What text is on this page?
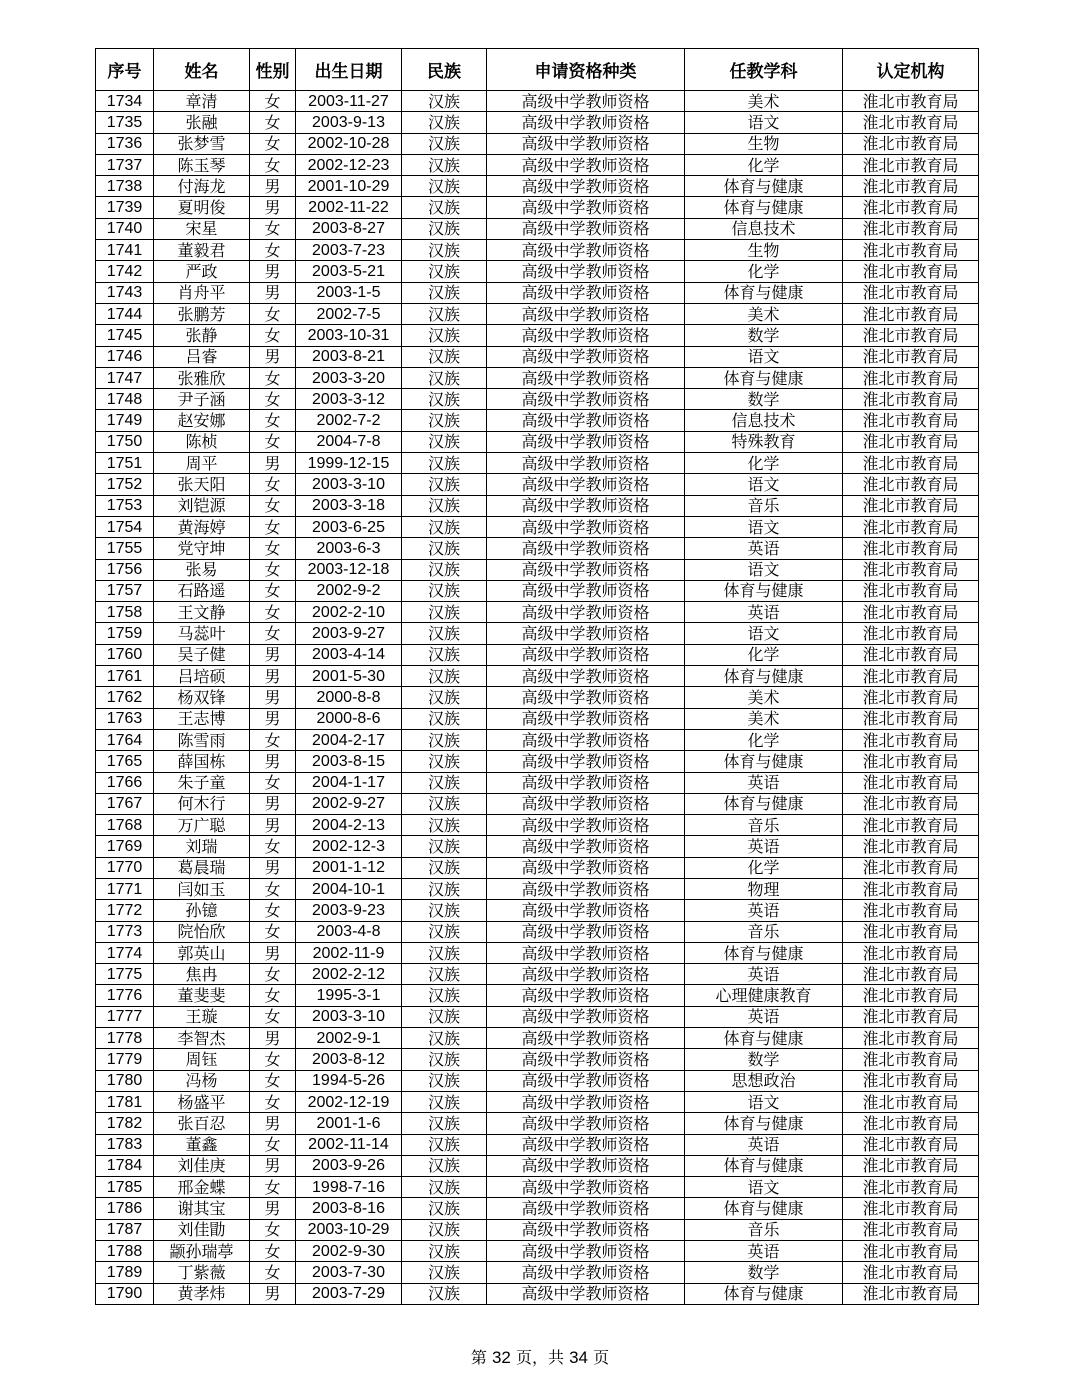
序号	姓名	性别	出生日期	民族	申请资格种类	任教学科	认定机构
1734	章清	女	2003-11-27	汉族	高级中学教师资格	美术	淮北市教育局
1735	张融	女	2003-9-13	汉族	高级中学教师资格	语文	淮北市教育局
1736	张梦雪	女	2002-10-28	汉族	高级中学教师资格	生物	淮北市教育局
1737	陈玉琴	女	2002-12-23	汉族	高级中学教师资格	化学	淮北市教育局
1738	付海龙	男	2001-10-29	汉族	高级中学教师资格	体育与健康	淮北市教育局
1739	夏明俊	男	2002-11-22	汉族	高级中学教师资格	体育与健康	淮北市教育局
1740	宋星	女	2003-8-27	汉族	高级中学教师资格	信息技术	淮北市教育局
1741	董毅君	女	2003-7-23	汉族	高级中学教师资格	生物	淮北市教育局
1742	严政	男	2003-5-21	汉族	高级中学教师资格	化学	淮北市教育局
1743	肖舟平	男	2003-1-5	汉族	高级中学教师资格	体育与健康	淮北市教育局
1744	张鹏芳	女	2002-7-5	汉族	高级中学教师资格	美术	淮北市教育局
1745	张静	女	2003-10-31	汉族	高级中学教师资格	数学	淮北市教育局
1746	吕睿	男	2003-8-21	汉族	高级中学教师资格	语文	淮北市教育局
1747	张雅欣	女	2003-3-20	汉族	高级中学教师资格	体育与健康	淮北市教育局
1748	尹子涵	女	2003-3-12	汉族	高级中学教师资格	数学	淮北市教育局
1749	赵安娜	女	2002-7-2	汉族	高级中学教师资格	信息技术	淮北市教育局
1750	陈桢	女	2004-7-8	汉族	高级中学教师资格	特殊教育	淮北市教育局
1751	周平	男	1999-12-15	汉族	高级中学教师资格	化学	淮北市教育局
1752	张天阳	女	2003-3-10	汉族	高级中学教师资格	语文	淮北市教育局
1753	刘铠源	女	2003-3-18	汉族	高级中学教师资格	音乐	淮北市教育局
1754	黄海婷	女	2003-6-25	汉族	高级中学教师资格	语文	淮北市教育局
1755	党守坤	女	2003-6-3	汉族	高级中学教师资格	英语	淮北市教育局
1756	张易	女	2003-12-18	汉族	高级中学教师资格	语文	淮北市教育局
1757	石路遥	女	2002-9-2	汉族	高级中学教师资格	体育与健康	淮北市教育局
1758	王文静	女	2002-2-10	汉族	高级中学教师资格	英语	淮北市教育局
1759	马蕊叶	女	2003-9-27	汉族	高级中学教师资格	语文	淮北市教育局
1760	吴子健	男	2003-4-14	汉族	高级中学教师资格	化学	淮北市教育局
1761	吕培硕	男	2001-5-30	汉族	高级中学教师资格	体育与健康	淮北市教育局
1762	杨双锋	男	2000-8-8	汉族	高级中学教师资格	美术	淮北市教育局
1763	王志博	男	2000-8-6	汉族	高级中学教师资格	美术	淮北市教育局
1764	陈雪雨	女	2004-2-17	汉族	高级中学教师资格	化学	淮北市教育局
1765	薛国栋	男	2003-8-15	汉族	高级中学教师资格	体育与健康	淮北市教育局
1766	朱子童	女	2004-1-17	汉族	高级中学教师资格	英语	淮北市教育局
1767	何木行	男	2002-9-27	汉族	高级中学教师资格	体育与健康	淮北市教育局
1768	万广聪	男	2004-2-13	汉族	高级中学教师资格	音乐	淮北市教育局
1769	刘瑞	女	2002-12-3	汉族	高级中学教师资格	英语	淮北市教育局
1770	葛晨瑞	男	2001-1-12	汉族	高级中学教师资格	化学	淮北市教育局
1771	闫如玉	女	2004-10-1	汉族	高级中学教师资格	物理	淮北市教育局
1772	孙镱	女	2003-9-23	汉族	高级中学教师资格	英语	淮北市教育局
1773	院怡欣	女	2003-4-8	汉族	高级中学教师资格	音乐	淮北市教育局
1774	郭英山	男	2002-11-9	汉族	高级中学教师资格	体育与健康	淮北市教育局
1775	焦冉	女	2002-2-12	汉族	高级中学教师资格	英语	淮北市教育局
1776	董斐斐	女	1995-3-1	汉族	高级中学教师资格	心理健康教育	淮北市教育局
1777	王璇	女	2003-3-10	汉族	高级中学教师资格	英语	淮北市教育局
1778	李智杰	男	2002-9-1	汉族	高级中学教师资格	体育与健康	淮北市教育局
1779	周钰	女	2003-8-12	汉族	高级中学教师资格	数学	淮北市教育局
1780	冯杨	女	1994-5-26	汉族	高级中学教师资格	思想政治	淮北市教育局
1781	杨盛平	女	2002-12-19	汉族	高级中学教师资格	语文	淮北市教育局
1782	张百忍	男	2001-1-6	汉族	高级中学教师资格	体育与健康	淮北市教育局
1783	董鑫	女	2002-11-14	汉族	高级中学教师资格	英语	淮北市教育局
1784	刘佳庚	男	2003-9-26	汉族	高级中学教师资格	体育与健康	淮北市教育局
1785	邢金蝶	女	1998-7-16	汉族	高级中学教师资格	语文	淮北市教育局
1786	谢其宝	男	2003-8-16	汉族	高级中学教师资格	体育与健康	淮北市教育局
1787	刘佳勖	女	2003-10-29	汉族	高级中学教师资格	音乐	淮北市教育局
1788	颛孙瑞葶	女	2002-9-30	汉族	高级中学教师资格	英语	淮北市教育局
1789	丁紫薇	女	2003-7-30	汉族	高级中学教师资格	数学	淮北市教育局
1790	黄孝炜	男	2003-7-29	汉族	高级中学教师资格	体育与健康	淮北市教育局
第 32 页，共 34 页
